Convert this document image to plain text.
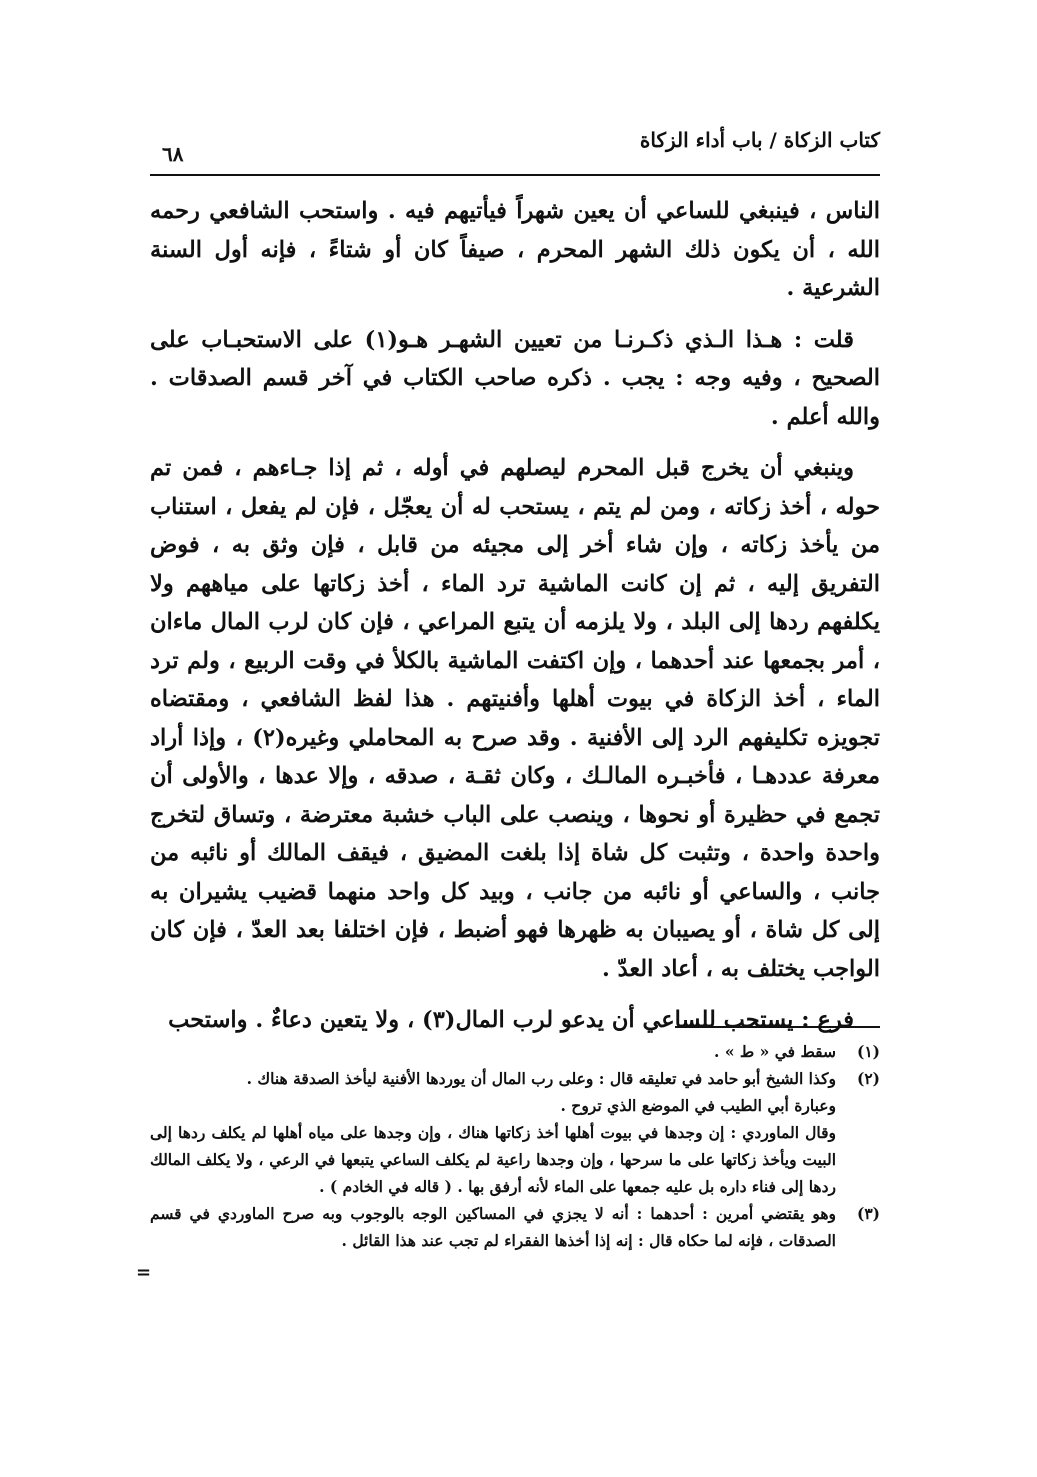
كتاب الزكاة / باب أداء الزكاة
٦٨

الناس ، فينبغي للساعي أن يعين شهراً فيأتيهم فيه . واستحب الشافعي رحمه الله ، أن يكون ذلك الشهر المحرم ، صيفاً كان أو شتاءً ، فإنه أول السنة الشرعية .

قلت : هـذا الـذي ذكـرنـا من تعيين الشهـر هـو(١) على الاستحبـاب على الصحيح ، وفيه وجه : يجب . ذكره صاحب الكتاب في آخر قسم الصدقات . والله أعلم .

وينبغي أن يخرج قبل المحرم ليصلهم في أوله ، ثم إذا جـاءهم ، فمن تم حوله ، أخذ زكاته ، ومن لم يتم ، يستحب له أن يعجّل ، فإن لم يفعل ، استناب من يأخذ زكاته ، وإن شاء أخر إلى مجيئه من قابل ، فإن وثق به ، فوض التفريق إليه ، ثم إن كانت الماشية ترد الماء ، أخذ زكاتها على مياههم ولا يكلفهم ردها إلى البلد ، ولا يلزمه أن يتبع المراعي ، فإن كان لرب المال ماءان ، أمر بجمعها عند أحدهما ، وإن اكتفت الماشية بالكلأ في وقت الربيع ، ولم ترد الماء ، أخذ الزكاة في بيوت أهلها وأفنيتهم . هذا لفظ الشافعي ، ومقتضاه تجويزه تكليفهم الرد إلى الأفنية . وقد صرح به المحاملي وغيره(٢) ، وإذا أراد معرفة عددهـا ، فأخبـره المالـك ، وكان ثقـة ، صدقه ، وإلا عدها ، والأولى أن تجمع في حظيرة أو نحوها ، وينصب على الباب خشبة معترضة ، وتساق لتخرج واحدة واحدة ، وتثبت كل شاة إذا بلغت المضيق ، فيقف المالك أو نائبه من جانب ، والساعي أو نائبه من جانب ، وبيد كل واحد منهما قضيب يشيران به إلى كل شاة ، أو يصيبان به ظهرها فهو أضبط ، فإن اختلفا بعد العدّ ، فإن كان الواجب يختلف به ، أعاد العدّ .

فرع : يستحب للساعي أن يدعو لرب المال(٣) ، ولا يتعين دعاءٌ . واستحب

(١)
سقط في « ط » .
(٢)
وكذا الشيخ أبو حامد في تعليقه قال : وعلى رب المال أن يوردها الأفنية ليأخذ الصدقة هناك .
وعبارة أبي الطيب في الموضع الذي تروح .
وقال الماوردي : إن وجدها في بيوت أهلها أخذ زكاتها هناك ، وإن وجدها على مياه أهلها لم يكلف ردها إلى البيت ويأخذ زكاتها على ما سرحها ، وإن وجدها راعية لم يكلف الساعي يتبعها في الرعي ، ولا يكلف المالك ردها إلى فناء داره بل عليه جمعها على الماء لأنه أرفق بها . ( قاله في الخادم ) .
(٣)
وهو يقتضي أمرين : أحدهما : أنه لا يجزي في المساكين الوجه بالوجوب وبه صرح الماوردي في قسم الصدقات ، فإنه لما حكاه قال : إنه إذا أخذها الفقراء لم تجب عند هذا القائل .
=
